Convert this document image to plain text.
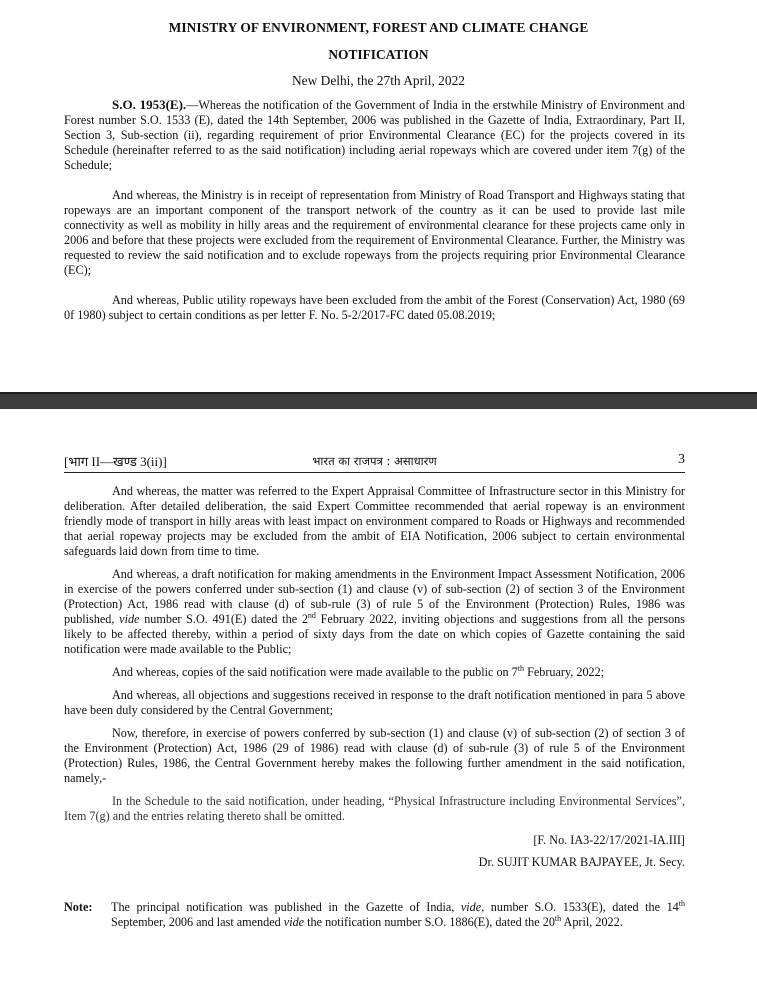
MINISTRY OF ENVIRONMENT, FOREST AND CLIMATE CHANGE
NOTIFICATION
New Delhi, the 27th April, 2022

S.O. 1953(E).—Whereas the notification of the Government of India in the erstwhile Ministry of Environment and Forest number S.O. 1533 (E), dated the 14th September, 2006 was published in the Gazette of India, Extraordinary, Part II, Section 3, Sub-section (ii), regarding requirement of prior Environmental Clearance (EC) for the projects covered in its Schedule (hereinafter referred to as the said notification) including aerial ropeways which are covered under item 7(g) of the Schedule;

And whereas, the Ministry is in receipt of representation from Ministry of Road Transport and Highways stating that ropeways are an important component of the transport network of the country as it can be used to provide last mile connectivity as well as mobility in hilly areas and the requirement of environmental clearance for these projects came only in 2006 and before that these projects were excluded from the requirement of Environmental Clearance. Further, the Ministry was requested to review the said notification and to exclude ropeways from the projects requiring prior Environmental Clearance (EC);

And whereas, Public utility ropeways have been excluded from the ambit of the Forest (Conservation) Act, 1980 (69 0f 1980) subject to certain conditions as per letter F. No. 5-2/2017-FC dated 05.08.2019;

[भाग II—खण्ड 3(ii)]	भारत का राजपत्र : असाधारण	3

And whereas, the matter was referred to the Expert Appraisal Committee of Infrastructure sector in this Ministry for deliberation. After detailed deliberation, the said Expert Committee recommended that aerial ropeway is an environment friendly mode of transport in hilly areas with least impact on environment compared to Roads or Highways and recommended that aerial ropeway projects may be excluded from the ambit of EIA Notification, 2006 subject to certain environmental safeguards laid down from time to time.

And whereas, a draft notification for making amendments in the Environment Impact Assessment Notification, 2006 in exercise of the powers conferred under sub-section (1) and clause (v) of sub-section (2) of section 3 of the Environment (Protection) Act, 1986 read with clause (d) of sub-rule (3) of rule 5 of the Environment (Protection) Rules, 1986 was published, vide number S.O. 491(E) dated the 2nd February 2022, inviting objections and suggestions from all the persons likely to be affected thereby, within a period of sixty days from the date on which copies of Gazette containing the said notification were made available to the Public;

And whereas, copies of the said notification were made available to the public on 7th February, 2022;

And whereas, all objections and suggestions received in response to the draft notification mentioned in para 5 above have been duly considered by the Central Government;

Now, therefore, in exercise of powers conferred by sub-section (1) and clause (v) of sub-section (2) of section 3 of the Environment (Protection) Act, 1986 (29 of 1986) read with clause (d) of sub-rule (3) of rule 5 of the Environment (Protection) Rules, 1986, the Central Government hereby makes the following further amendment in the said notification, namely,-

In the Schedule to the said notification, under heading, “Physical Infrastructure including Environmental Services”, Item 7(g) and the entries relating thereto shall be omitted.

[F. No. IA3-22/17/2021-IA.III]
Dr. SUJIT KUMAR BAJPAYEE, Jt. Secy.
Note: The principal notification was published in the Gazette of India, vide, number S.O. 1533(E), dated the 14th September, 2006 and last amended vide the notification number S.O. 1886(E), dated the 20th April, 2022.
